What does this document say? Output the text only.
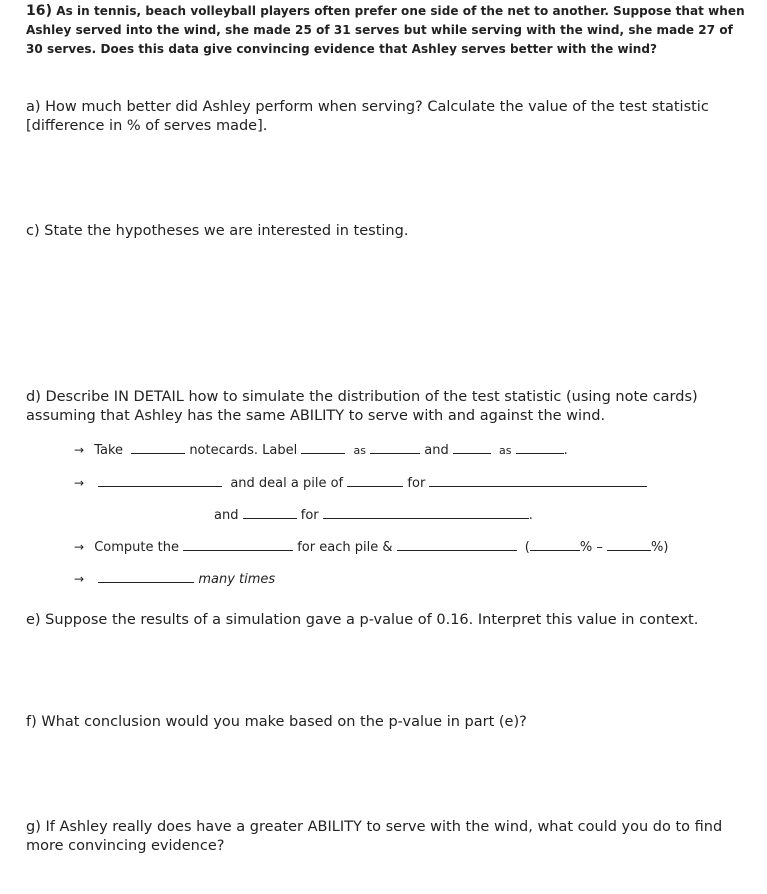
16) As in tennis, beach volleyball players often prefer one side of the net to another. Suppose that when Ashley served into the wind, she made 25 of 31 serves but while serving with the wind, she made 27 of 30 serves. Does this data give convincing evidence that Ashley serves better with the wind?
a) How much better did Ashley perform when serving? Calculate the value of the test statistic [difference in % of serves made].
c) State the hypotheses we are interested in testing.
d) Describe IN DETAIL how to simulate the distribution of the test statistic (using note cards) assuming that Ashley has the same ABILITY to serve with and against the wind.
→ Take	notecards. Label	as	and	as	.
→	and deal a pile of	for
and	for	.
→ Compute the	for each pile &	(	% –	%)
→	many times
e) Suppose the results of a simulation gave a p-value of 0.16. Interpret this value in context.
f) What conclusion would you make based on the p-value in part (e)?
g) If Ashley really does have a greater ABILITY to serve with the wind, what could you do to find more convincing evidence?
